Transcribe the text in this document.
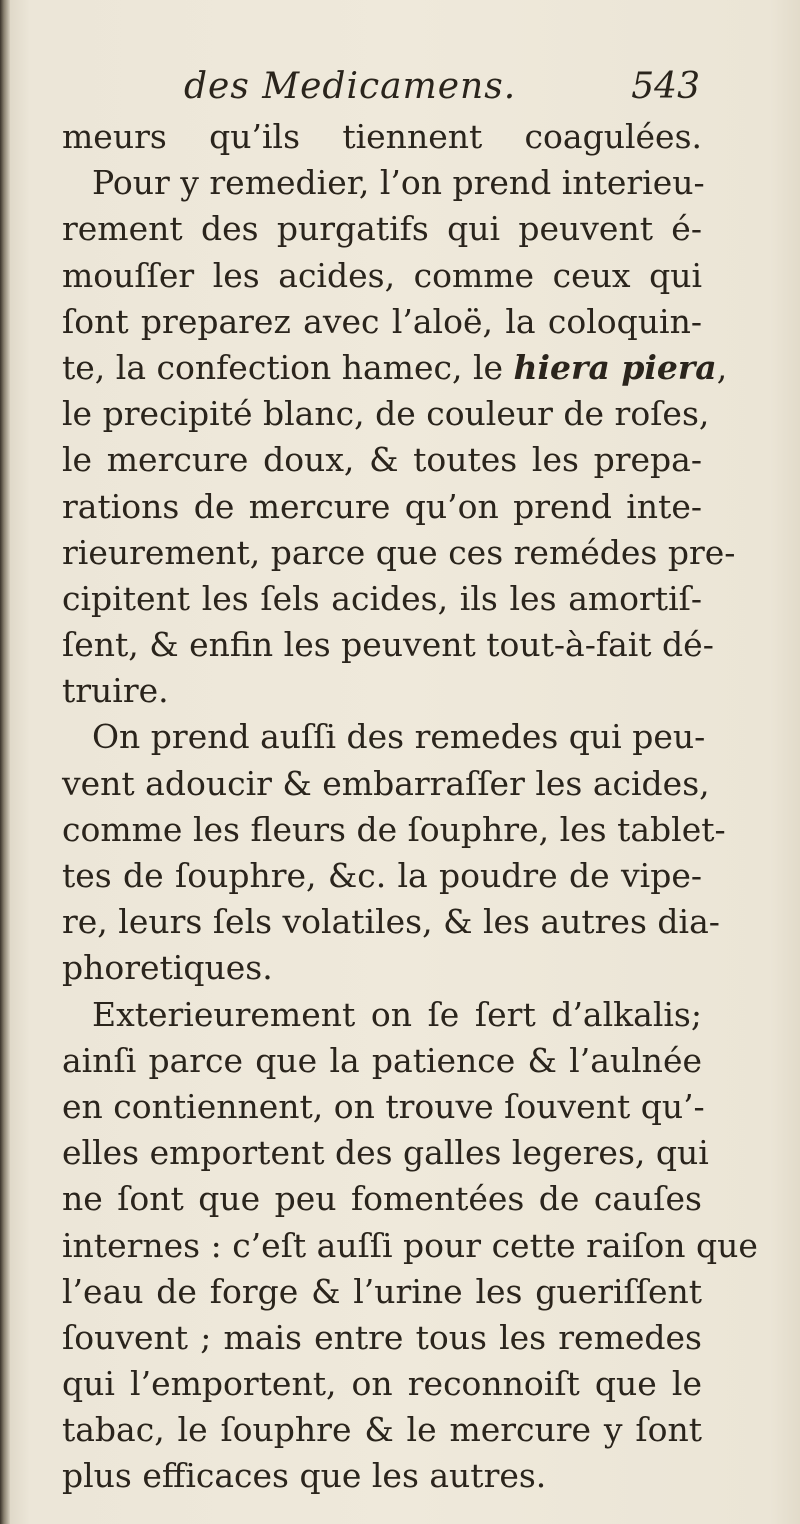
des Medicamens.	543
meurs qu’ils tiennent coagulées.
Pour y remedier, l’on prend interieu-
rement des purgatifs qui peuvent é-
mouſſer les acides, comme ceux qui
ſont preparez avec l’aloë, la coloquin-
te, la confection hamec, le hiera piera,
le precipité blanc, de couleur de roſes,
le mercure doux, & toutes les prepa-
rations de mercure qu’on prend inte-
rieurement, parce que ces remédes pre-
cipitent les ſels acides, ils les amortiſ-
ſent, & enfin les peuvent tout-à-fait dé-
truire.
On prend auſſi des remedes qui peu-
vent adoucir & embarraſſer les acides,
comme les fleurs de ſouphre, les tablet-
tes de ſouphre, &c. la poudre de vipe-
re, leurs ſels volatiles, & les autres dia-
phoretiques.
Exterieurement on ſe ſert d’alkalis;
ainſi parce que la patience & l’aulnée
en contiennent, on trouve ſouvent qu’-
elles emportent des galles legeres, qui
ne ſont que peu fomentées de cauſes
internes : c’eſt auſſi pour cette raiſon que
l’eau de forge & l’urine les gueriſſent
ſouvent ; mais entre tous les remedes
qui l’emportent, on reconnoiſt que le
tabac, le ſouphre & le mercure y ſont
plus efficaces que les autres.
